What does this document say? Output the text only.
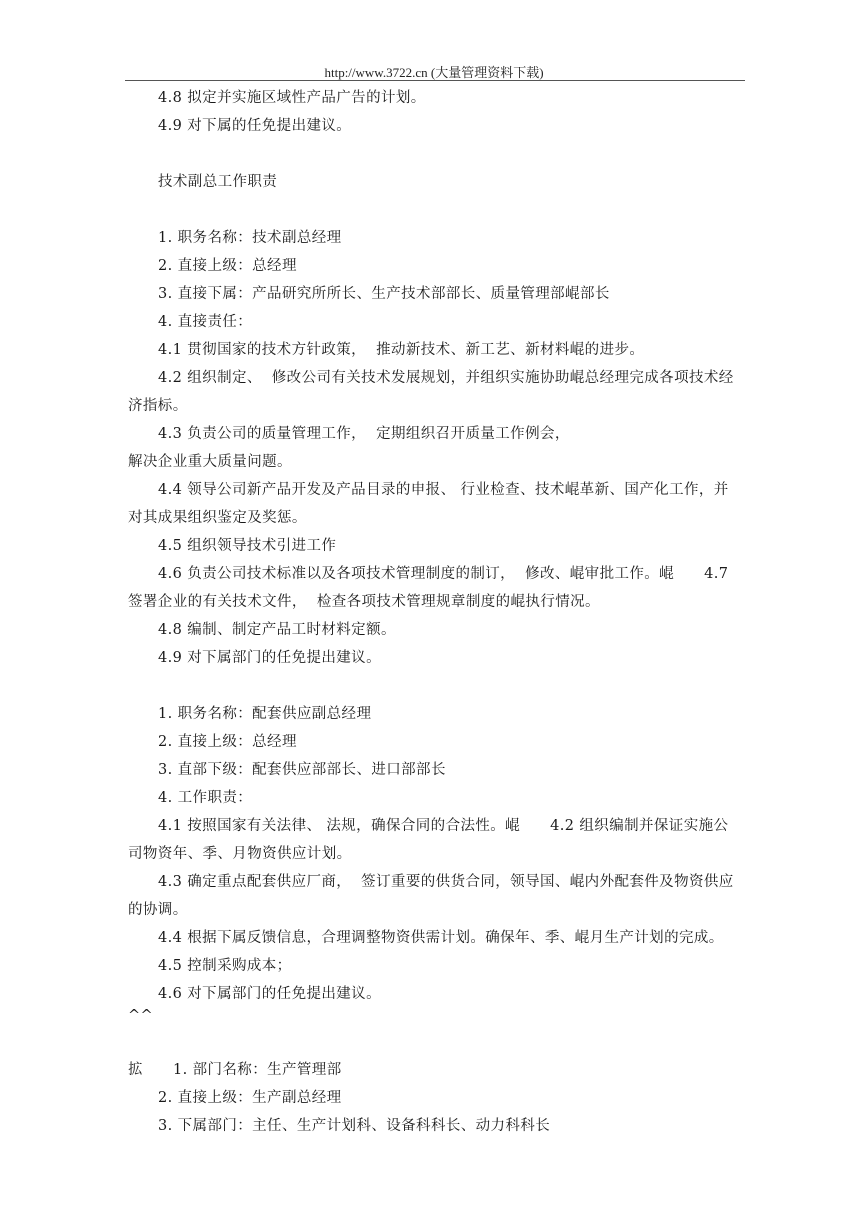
http://www.3722.cn (大量管理资料下载)
4.8 拟定并实施区域性产品广告的计划。
4.9 对下属的任免提出建议。
技术副总工作职责
1. 职务名称：技术副总经理
2. 直接上级：总经理
3. 直接下属：产品研究所所长、生产技术部部长、质量管理部崐部长
4. 直接责任：
4.1 贯彻国家的技术方针政策，  推动新技术、新工艺、新材料崐的进步。
4.2 组织制定、  修改公司有关技术发展规划，并组织实施协助崐总经理完成各项技术经
济指标。
4.3 负责公司的质量管理工作，  定期组织召开质量工作例会，
解决企业重大质量问题。
4.4 领导公司新产品开发及产品目录的申报、 行业检查、技术崐革新、国产化工作，并
对其成果组织鉴定及奖惩。
4.5 组织领导技术引进工作
4.6 负责公司技术标准以及各项技术管理制度的制订，  修改、崐审批工作。崐      4.7
签署企业的有关技术文件，  检查各项技术管理规章制度的崐执行情况。
4.8 编制、制定产品工时材料定额。
4.9 对下属部门的任免提出建议。
1. 职务名称：配套供应副总经理
2. 直接上级：总经理
3. 直部下级：配套供应部部长、进口部部长
4. 工作职责：
4.1 按照国家有关法律、 法规，确保合同的合法性。崐      4.2 组织编制并保证实施公
司物资年、季、月物资供应计划。
4.3 确定重点配套供应厂商，  签订重要的供货合同，领导国、崐内外配套件及物资供应
的协调。
4.4 根据下属反馈信息，合理调整物资供需计划。确保年、季、崐月生产计划的完成。
4.5 控制采购成本；
4.6 对下属部门的任免提出建议。
^^
拡      1. 部门名称：生产管理部
2. 直接上级：生产副总经理
3. 下属部门：主任、生产计划科、设备科科长、动力科科长
